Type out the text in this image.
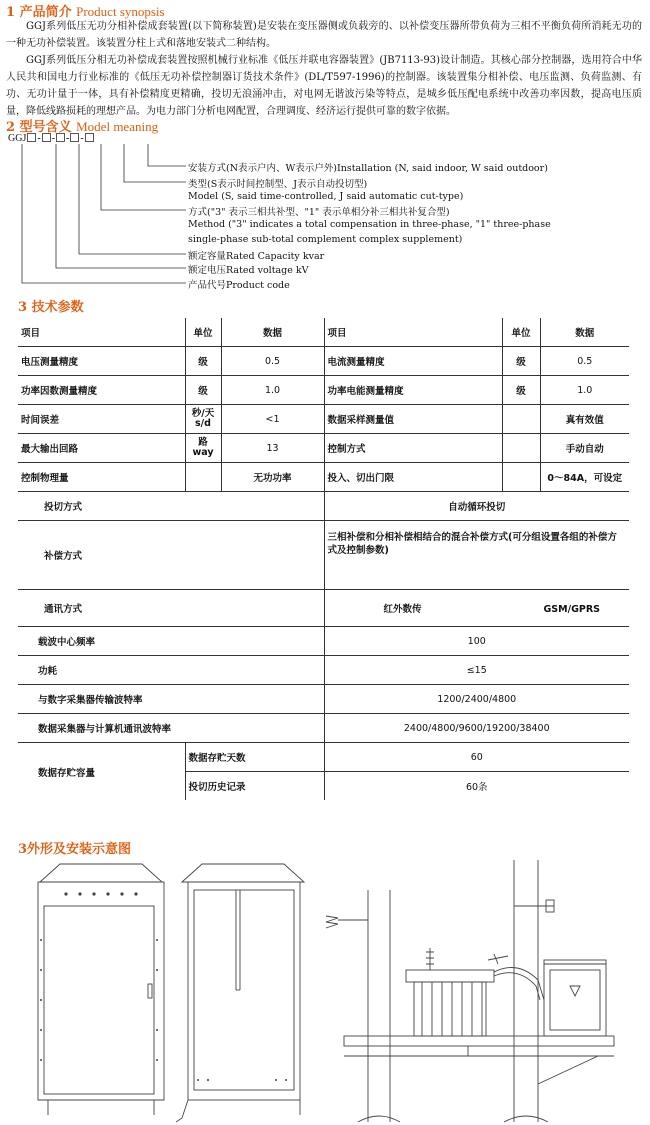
1 产品简介 Product synopsis
GGJ系列低压无功分相补偿成套装置(以下简称装置)是安装在变压器侧或负载旁的、以补偿变压器所带负荷为三相不平衡负荷所消耗无功的一种无功补偿装置。该装置分柱上式和落地安装式二种结构。
GGJ系列低压分相无功补偿成套装置按照机械行业标准《低压并联电容器装置》(JB7113-93)设计制造。其核心部分控制器，选用符合中华人民共和国电力行业标准的《低压无功补偿控制器订货技术条件》(DL/T597-1996)的控制器。该装置集分相补偿、电压监测、负荷监测、有功、无功计量于一体，具有补偿精度更精确，投切无浪涌冲击，对电网无谐波污染等特点，是城乡低压配电系统中改善功率因数，提高电压质量，降低线路损耗的理想产品。为电力部门分析电网配置，合理调度、经济运行提供可靠的数字依据。
2 型号含义 Model meaning
GGJ - - - -
安装方式(N表示户内、W表示户外)Installation (N, said indoor, W said outdoor)
类型(S表示时间控制型、J表示自动投切型)
Model (S, said time-controlled, J said automatic cut-type)
方式("3" 表示三相共补型、"1" 表示单相分补三相共补复合型)
Method ("3" indicates a total compensation in three-phase, "1" three-phase
single-phase sub-total complement complex supplement)
额定容量Rated Capacity kvar
额定电压Rated voltage kV
产品代号Product code
3 技术参数
项目	单位	数据	项目	单位	数据
电压测量精度	级	0.5	电流测量精度	级	0.5
功率因数测量精度	级	1.0	功率电能测量精度	级	1.0
时间误差	秒/天 s/d	<1	数据采样测量值		真有效值
最大输出回路	路 way	13	控制方式		手动自动
控制物理量		无功功率	投入、切出门限		0～84A，可设定
投切方式			自动循环投切		
补偿方式			三相补偿和分相补偿相结合的混合补偿方式(可分组设置各组的补偿方式及控制参数)		
通讯方式			红外数传 GSM/GPRS		
载波中心频率			100		
功耗			≤15		
与数字采集器传输波特率			1200/2400/4800		
数据采集器与计算机通讯波特率			2400/4800/9600/19200/38400		
数据存贮容量	数据存贮天数		60		
	投切历史记录		60条		
3外形及安装示意图
